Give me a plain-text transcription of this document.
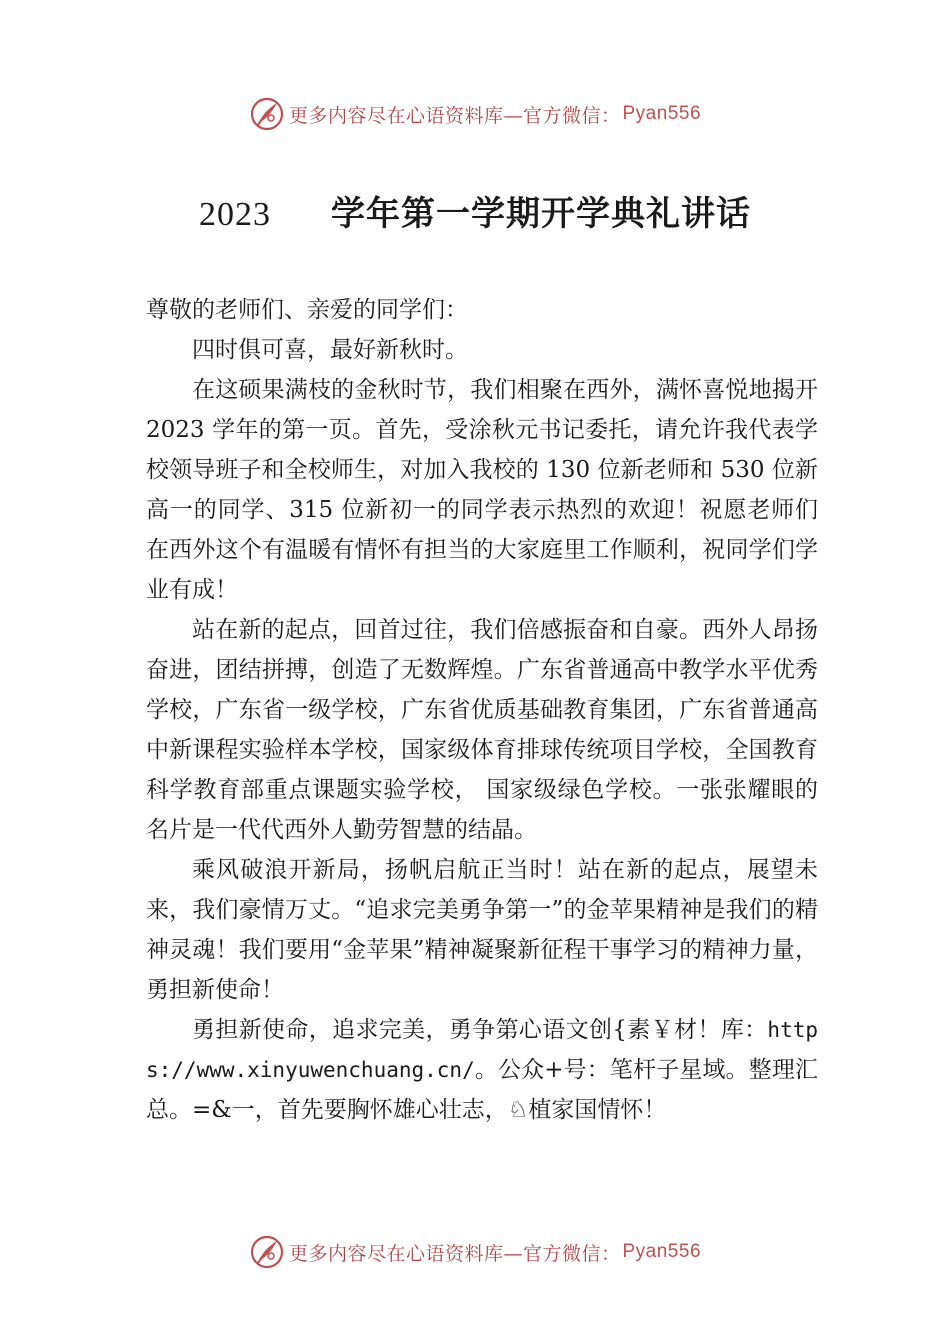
更多内容尽在心语资料库—官方微信： Pyan556
2023 学年第一学期开学典礼讲话

尊敬的老师们、亲爱的同学们：

四时俱可喜，最好新秋时。

在这硕果满枝的金秋时节，我们相聚在西外，满怀喜悦地揭开 2023 学年的第一页。首先，受涂秋元书记委托，请允许我代表学校领导班子和全校师生，对加入我校的 130 位新老师和 530 位新高一的同学、315 位新初一的同学表示热烈的欢迎！祝愿老师们在西外这个有温暖有情怀有担当的大家庭里工作顺利，祝同学们学业有成！

站在新的起点，回首过往，我们倍感振奋和自豪。西外人昂扬奋进，团结拼搏，创造了无数辉煌。广东省普通高中教学水平优秀学校，广东省一级学校，广东省优质基础教育集团，广东省普通高中新课程实验样本学校，国家级体育排球传统项目学校，全国教育科学教育部重点课题实验学校， 国家级绿色学校。一张张耀眼的名片是一代代西外人勤劳智慧的结晶。

乘风破浪开新局，扬帆启航正当时！站在新的起点，展望未来，我们豪情万丈。“追求完美勇争第一”的金苹果精神是我们的精神灵魂！我们要用“金苹果”精神凝聚新征程干事学习的精神力量，勇担新使命！

勇担新使命，追求完美，勇争第心语文创{素￥材！库：https://www.xinyuwenchuang.cn/。公众+号：笔杆子星域。整理汇总。=&一，首先要胸怀雄心壮志，♘植家国情怀！

更多内容尽在心语资料库—官方微信： Pyan556
